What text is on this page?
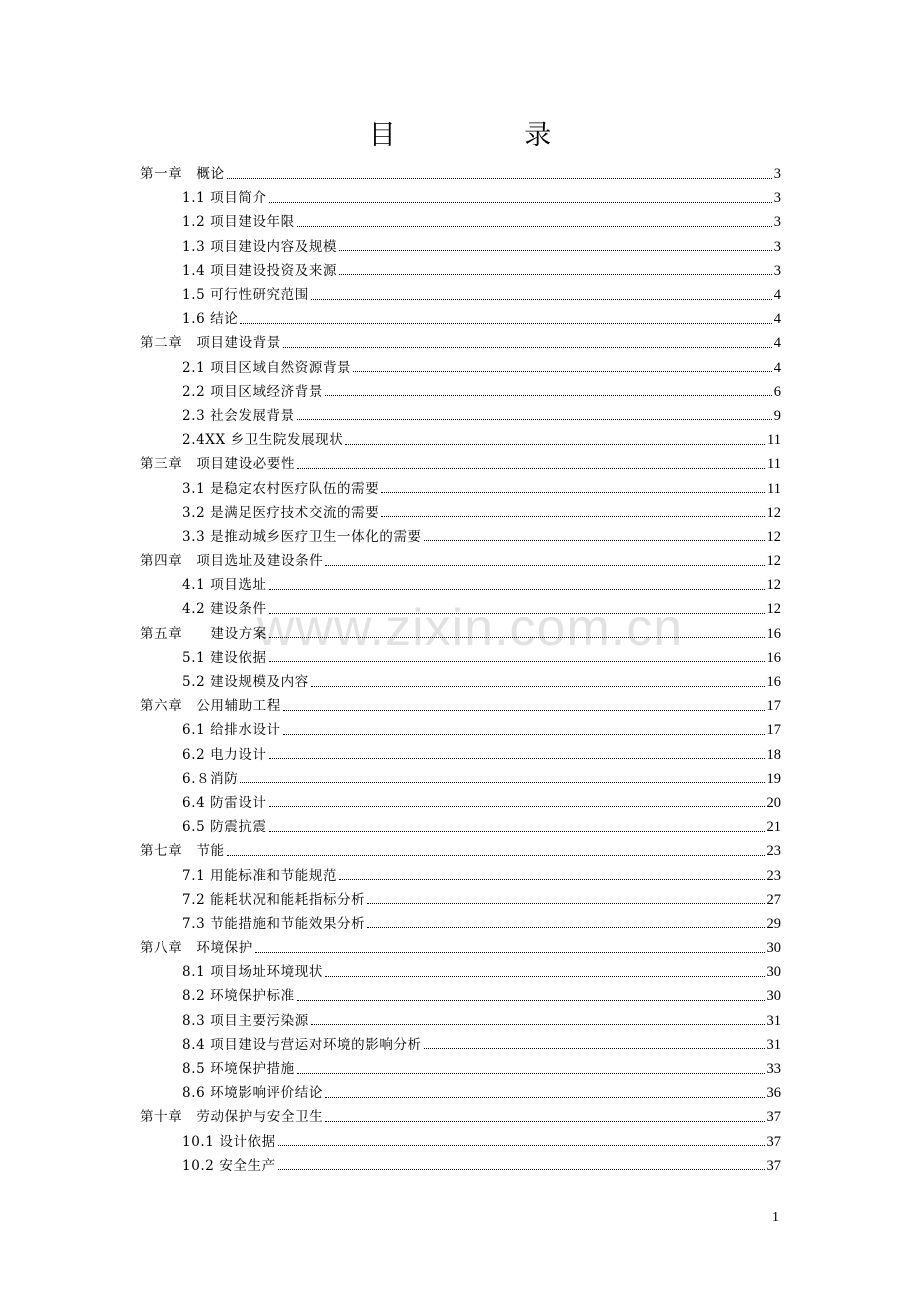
目 录
www.zixin.com.cn
第一章　概论	3
1.1 项目简介	3
1.2 项目建设年限	3
1.3 项目建设内容及规模	3
1.4 项目建设投资及来源	3
1.5 可行性研究范围	4
1.6 结论	4
第二章　项目建设背景	4
2.1 项目区域自然资源背景	4
2.2 项目区域经济背景	6
2.3 社会发展背景	9
2.4XX 乡卫生院发展现状	11
第三章　项目建设必要性	11
3.1 是稳定农村医疗队伍的需要	11
3.2 是满足医疗技术交流的需要	12
3.3 是推动城乡医疗卫生一体化的需要	12
第四章　项目选址及建设条件	12
4.1 项目选址	12
4.2 建设条件	12
第五章　　建设方案	16
5.1 建设依据	16
5.2 建设规模及内容	16
第六章　公用辅助工程	17
6.1 给排水设计	17
6.2 电力设计	18
6.８消防	19
6.4 防雷设计	20
6.5 防震抗震	21
第七章　节能	23
7.1 用能标准和节能规范	23
7.2 能耗状况和能耗指标分析	27
7.3 节能措施和节能效果分析	29
第八章　环境保护	30
8.1 项目场址环境现状	30
8.2 环境保护标准	30
8.3 项目主要污染源	31
8.4 项目建设与营运对环境的影响分析	31
8.5 环境保护措施	33
8.6 环境影响评价结论	36
第十章　劳动保护与安全卫生	37
10.1 设计依据	37
10.2 安全生产	37
1
